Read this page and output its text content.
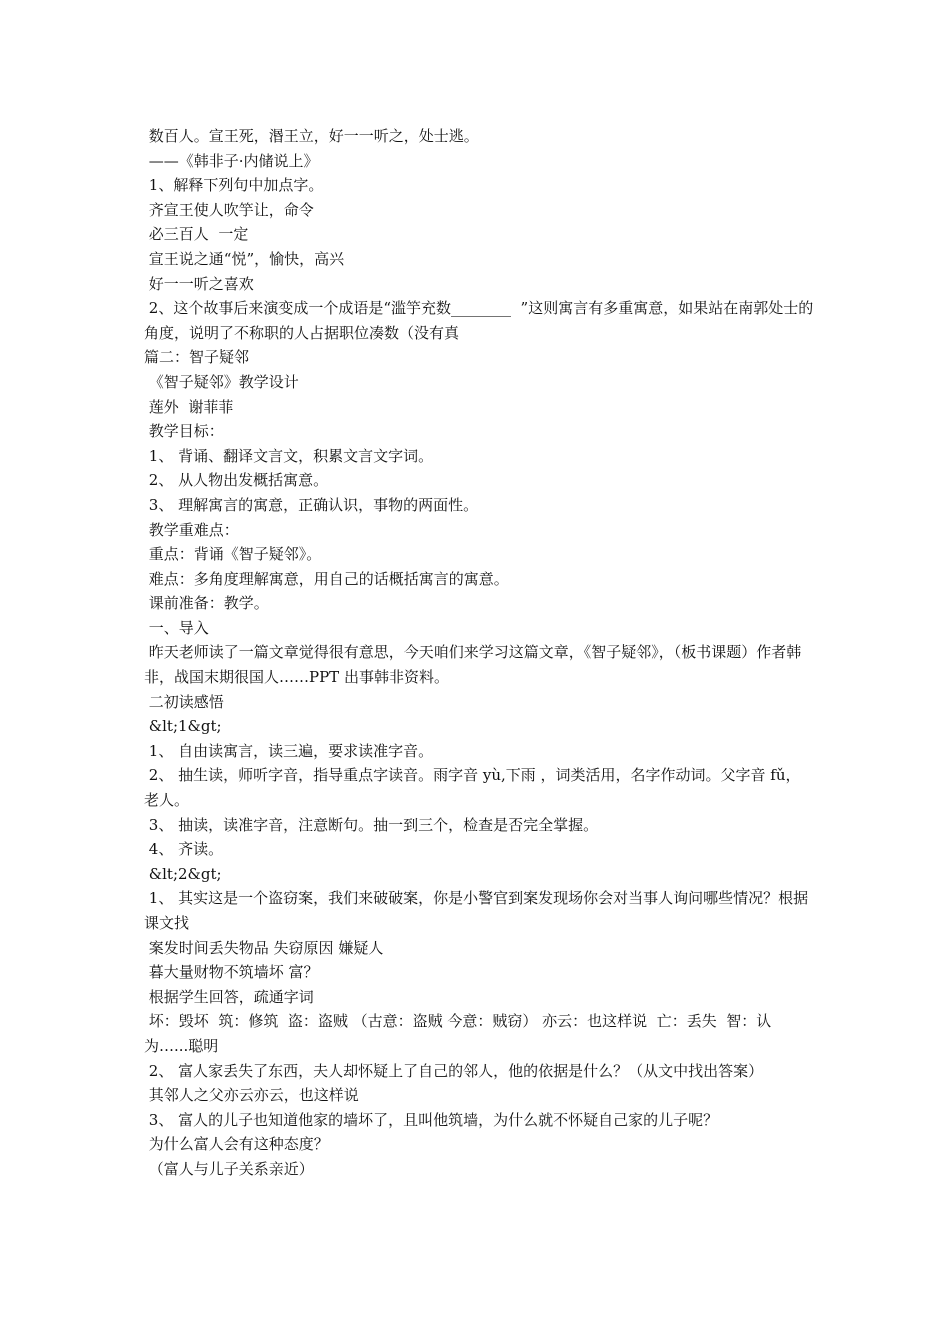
数百人。宣王死，湣王立，好一一听之，处士逃。

——《韩非子·内储说上》

1、解释下列句中加点字。

齐宣王使人吹竽让，命令

必三百人  一定

宣王说之通“悦”，愉快，高兴

好一一听之喜欢

2、这个故事后来演变成一个成语是“滥竽充数________  ”这则寓言有多重寓意，如果站在南郭处士的角度，说明了不称职的人占据职位凑数（没有真

篇二：智子疑邻

《智子疑邻》教学设计

莲外  谢菲菲

教学目标：

1、 背诵、翻译文言文，积累文言文字词。

2、 从人物出发概括寓意。

3、 理解寓言的寓意，正确认识，事物的两面性。

教学重难点：

重点：背诵《智子疑邻》。

难点：多角度理解寓意，用自己的话概括寓言的寓意。

课前准备：教学。

一、导入

昨天老师读了一篇文章觉得很有意思，今天咱们来学习这篇文章，《智子疑邻》，（板书课题）作者韩非，战国末期很国人……PPT 出事韩非资料。

二初读感悟

&lt;1&gt;

1、 自由读寓言，读三遍，要求读准字音。

2、 抽生读，师听字音，指导重点字读音。雨字音 yù,下雨 ，词类活用，名字作动词。父字音 fǔ，老人。

3、 抽读，读准字音，注意断句。抽一到三个，检查是否完全掌握。

4、 齐读。

&lt;2&gt;

1、 其实这是一个盗窃案，我们来破破案，你是小警官到案发现场你会对当事人询问哪些情况？根据课文找

案发时间丢失物品 失窃原因 嫌疑人

暮大量财物不筑墙坏 富？

根据学生回答，疏通字词

坏：毁坏  筑：修筑  盗：盗贼 （古意：盗贼 今意：贼窃） 亦云：也这样说  亡：丢失  智：认为…...聪明

2、 富人家丢失了东西，夫人却怀疑上了自己的邻人，他的依据是什么？（从文中找出答案）

其邻人之父亦云亦云，也这样说

3、 富人的儿子也知道他家的墙坏了，且叫他筑墙，为什么就不怀疑自己家的儿子呢？

为什么富人会有这种态度？

（富人与儿子关系亲近）
